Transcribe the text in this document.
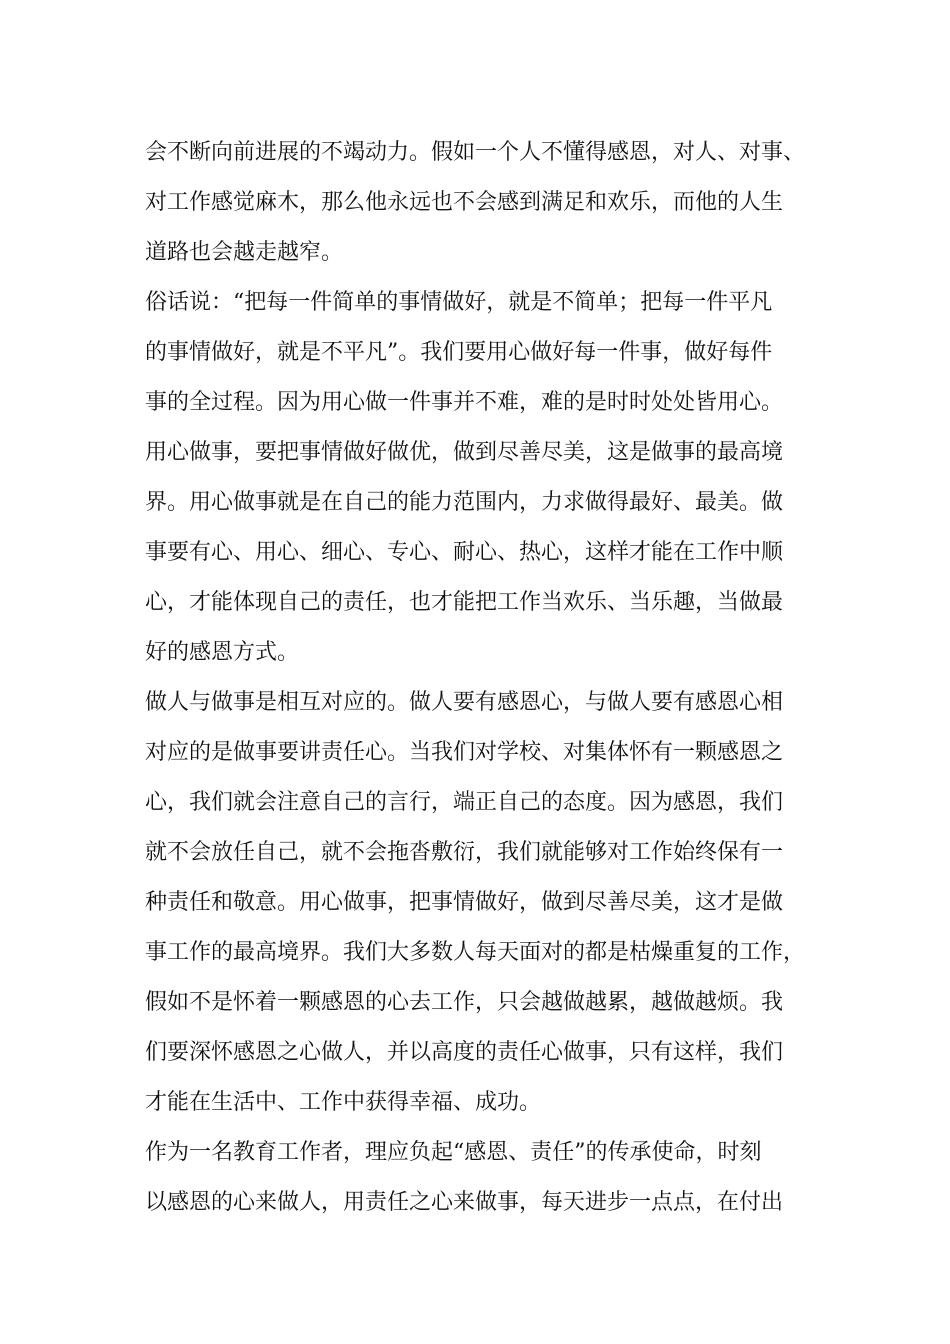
会不断向前进展的不竭动力。假如一个人不懂得感恩，对人、对事、
对工作感觉麻木，那么他永远也不会感到满足和欢乐，而他的人生
道路也会越走越窄。
俗话说：“把每一件简单的事情做好，就是不简单；把每一件平凡
的事情做好，就是不平凡”。我们要用心做好每一件事，做好每件
事的全过程。因为用心做一件事并不难，难的是时时处处皆用心。
用心做事，要把事情做好做优，做到尽善尽美，这是做事的最高境
界。用心做事就是在自己的能力范围内，力求做得最好、最美。做
事要有心、用心、细心、专心、耐心、热心，这样才能在工作中顺
心，才能体现自己的责任，也才能把工作当欢乐、当乐趣，当做最
好的感恩方式。
做人与做事是相互对应的。做人要有感恩心，与做人要有感恩心相
对应的是做事要讲责任心。当我们对学校、对集体怀有一颗感恩之
心，我们就会注意自己的言行，端正自己的态度。因为感恩，我们
就不会放任自己，就不会拖沓敷衍，我们就能够对工作始终保有一
种责任和敬意。用心做事，把事情做好，做到尽善尽美，这才是做
事工作的最高境界。我们大多数人每天面对的都是枯燥重复的工作，
假如不是怀着一颗感恩的心去工作，只会越做越累，越做越烦。我
们要深怀感恩之心做人，并以高度的责任心做事，只有这样，我们
才能在生活中、工作中获得幸福、成功。
作为一名教育工作者，理应负起“感恩、责任”的传承使命，时刻
以感恩的心来做人，用责任之心来做事，每天进步一点点，在付出
